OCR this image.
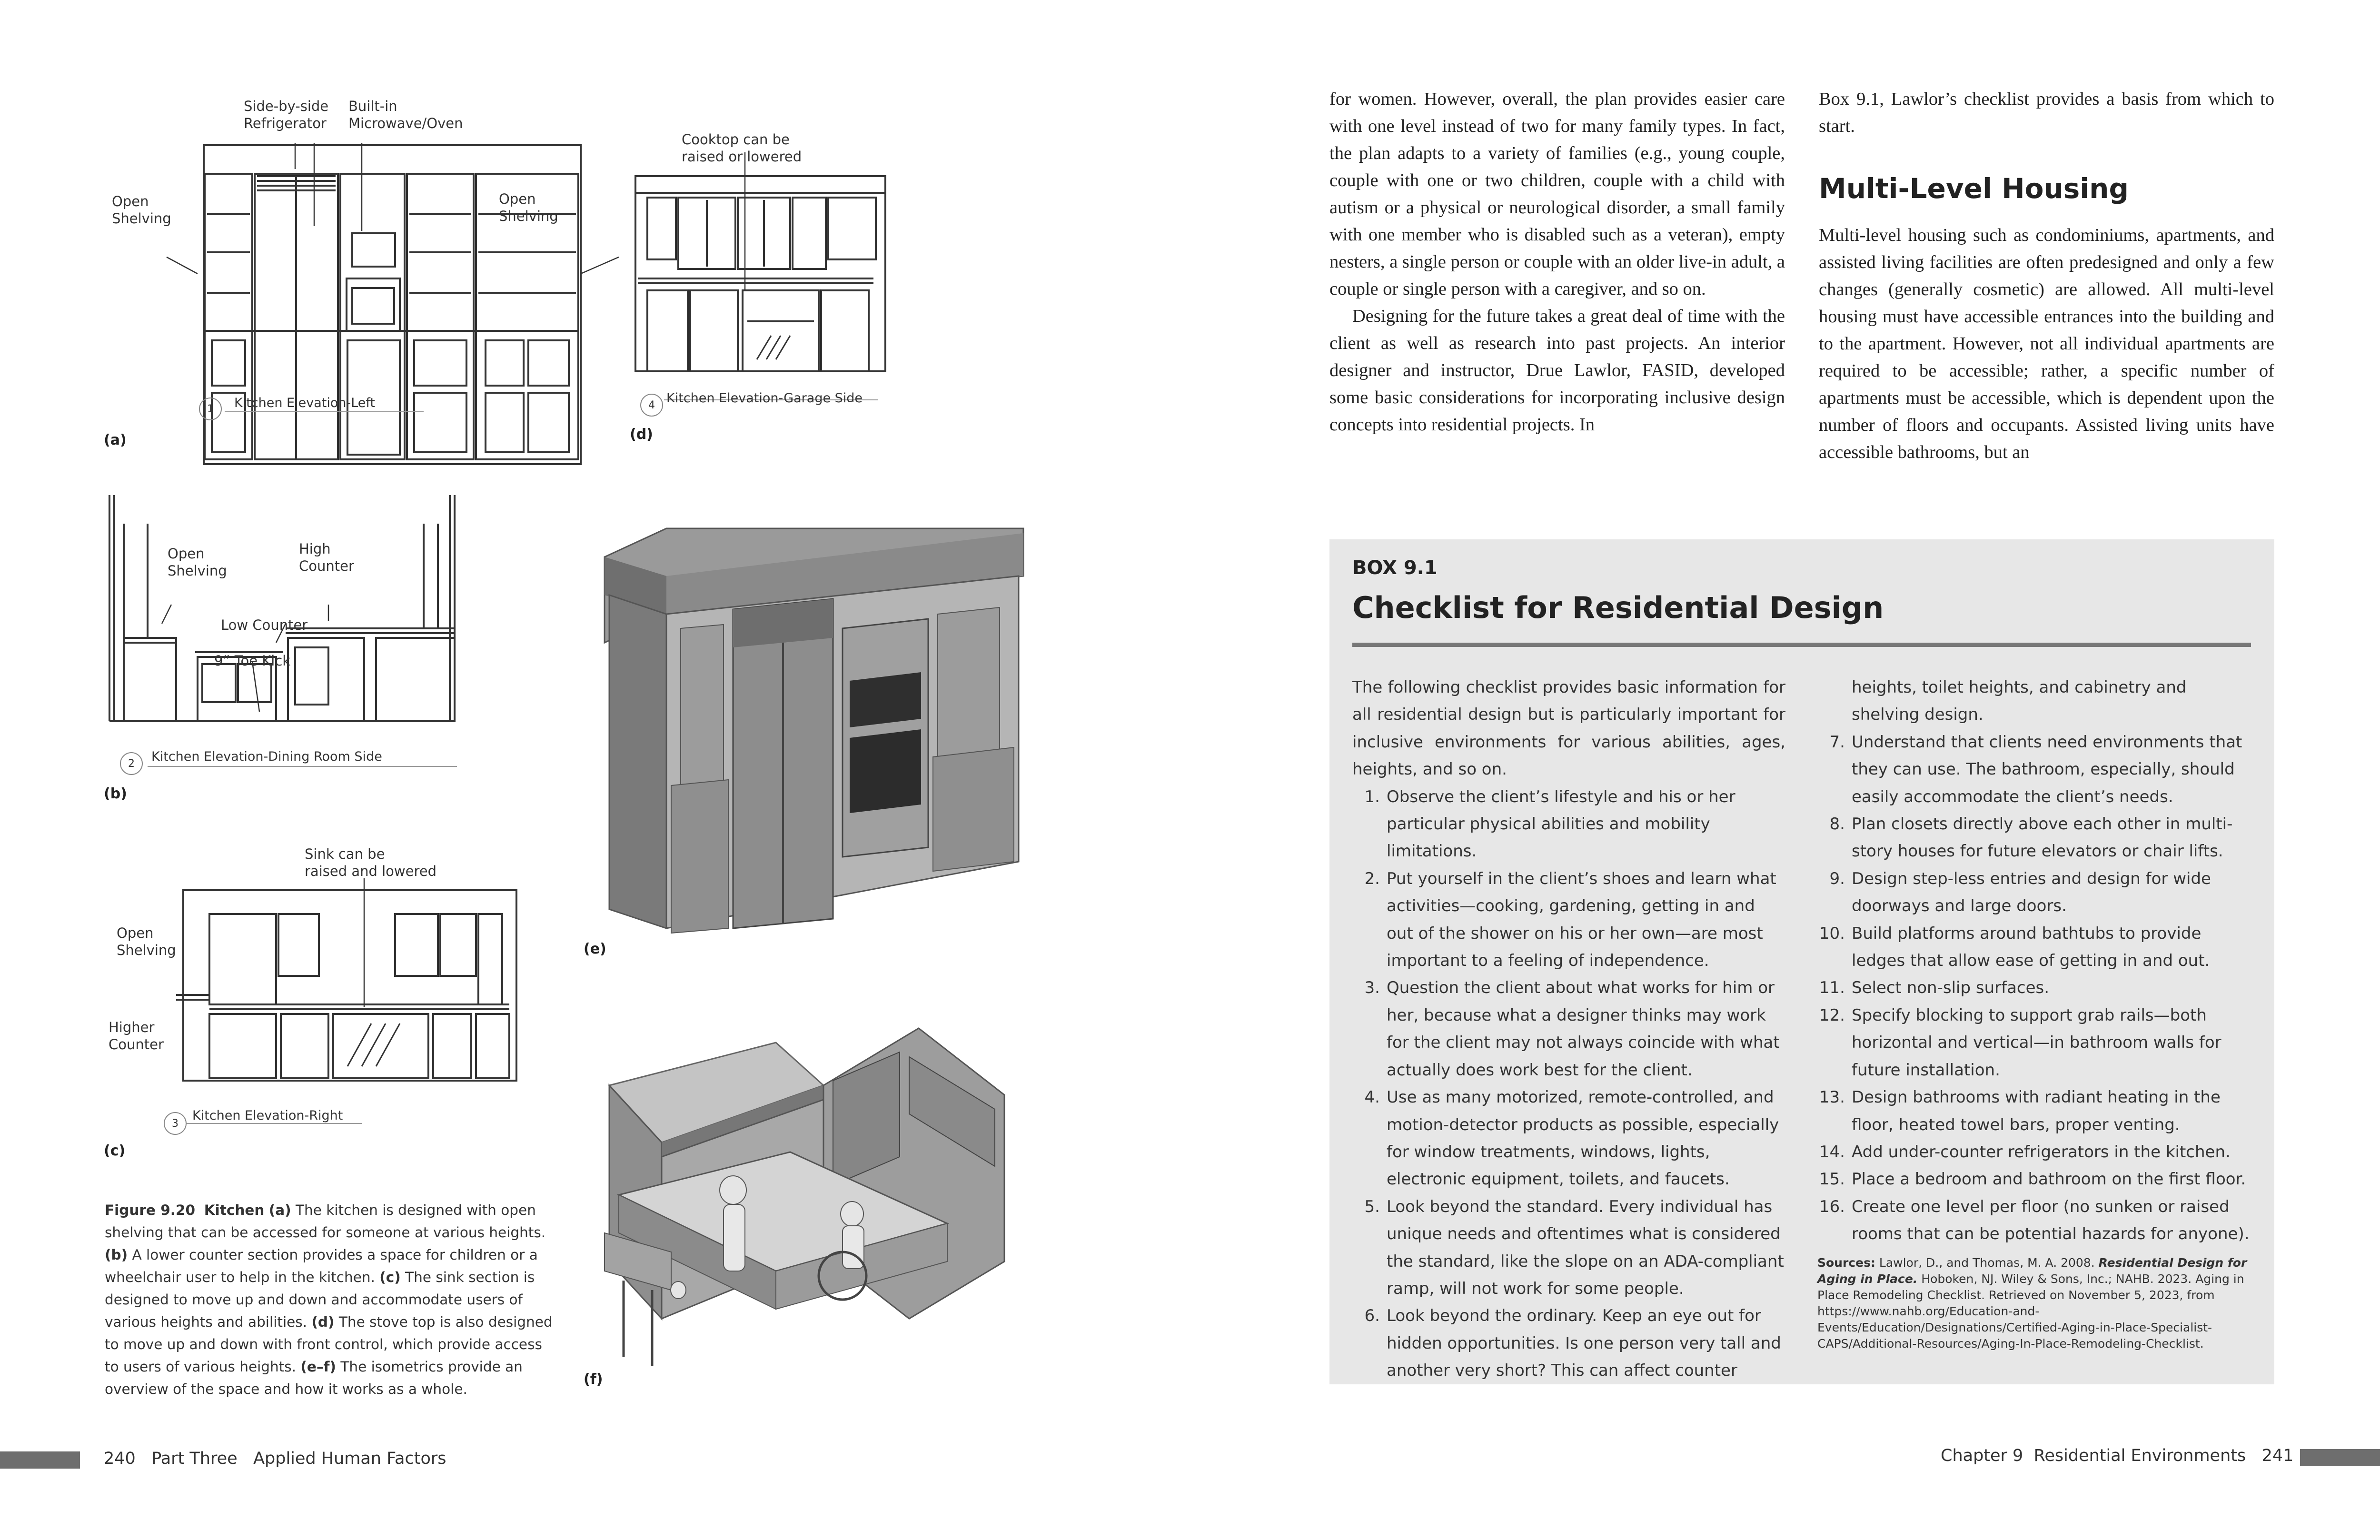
Side-by-side
Refrigerator
Built-in
Microwave/Oven
Open
Shelving
Open
Shelving
1	Kitchen Elevation-Left
(a)
Cooktop can be
raised or lowered
4 Kitchen Elevation-Garage Side
(d)
Open
Shelving
High
Counter
Low Counter
9” Toe Kick
2	Kitchen Elevation-Dining Room Side
(b)
(e)
Sink can be
raised and lowered
Open
Shelving
Higher
Counter
3
Kitchen Elevation-Right
(c)
(f)
Figure 9.20 Kitchen (a) The kitchen is designed with open shelving that can be accessed for someone at various heights. (b) A lower counter section provides a space for children or a wheelchair user to help in the kitchen. (c) The sink section is designed to move up and down and accommodate users of various heights and abilities. (d) The stove top is also designed to move up and down with front control, which provide access to users of various heights. (e–f) The isometrics provide an overview of the space and how it works as a whole.
240 Part Three Applied Human Factors

for women. However, overall, the plan provides easier care with one level instead of two for many family types. In fact, the plan adapts to a variety of families (e.g., young couple, couple with one or two children, couple with a child with autism or a physical or neurological disorder, a small family with one member who is disabled such as a veteran), empty nesters, a single person or couple with an older live-in adult, a couple or single person with a caregiver, and so on.

Designing for the future takes a great deal of time with the client as well as research into past projects. An interior designer and instructor, Drue Lawlor, FASID, developed some basic considerations for incorporating inclusive design concepts into residential projects. In

Box 9.1, Lawlor’s checklist provides a basis from which to start.

Multi-Level Housing

Multi-level housing such as condominiums, apartments, and assisted living facilities are often predesigned and only a few changes (generally cosmetic) are allowed. All multi-level housing must have accessible entrances into the building and to the apartment. However, not all individual apartments are required to be accessible; rather, a specific number of apartments must be accessible, which is dependent upon the number of floors and occupants. Assisted living units have accessible bathrooms, but an

BOX 9.1
Checklist for Residential Design
The following checklist provides basic information for all residential design but is particularly important for inclusive environments for various abilities, ages, heights, and so on.
1. Observe the client’s lifestyle and his or her particular physical abilities and mobility limitations.
2. Put yourself in the client’s shoes and learn what activities—cooking, gardening, getting in and out of the shower on his or her own—are most important to a feeling of independence.
3. Question the client about what works for him or her, because what a designer thinks may work for the client may not always coincide with what actually does work best for the client.
4. Use as many motorized, remote-controlled, and motion-detector products as possible, especially for window treatments, windows, lights, electronic equipment, toilets, and faucets.
5. Look beyond the standard. Every individual has unique needs and oftentimes what is considered the standard, like the slope on an ADA-compliant ramp, will not work for some people.
6. Look beyond the ordinary. Keep an eye out for hidden opportunities. Is one person very tall and another very short? This can affect counter
heights, toilet heights, and cabinetry and shelving design.
7. Understand that clients need environments that they can use. The bathroom, especially, should easily accommodate the client’s needs.
8. Plan closets directly above each other in multi-story houses for future elevators or chair lifts.
9. Design step-less entries and design for wide doorways and large doors.
10. Build platforms around bathtubs to provide ledges that allow ease of getting in and out.
11. Select non-slip surfaces.
12. Specify blocking to support grab rails—both horizontal and vertical—in bathroom walls for future installation.
13. Design bathrooms with radiant heating in the floor, heated towel bars, proper venting.
14. Add under-counter refrigerators in the kitchen.
15. Place a bedroom and bathroom on the first floor.
16. Create one level per floor (no sunken or raised rooms that can be potential hazards for anyone).
Sources: Lawlor, D., and Thomas, M. A. 2008. Residential Design for Aging in Place. Hoboken, NJ. Wiley & Sons, Inc.; NAHB. 2023. Aging in Place Remodeling Checklist. Retrieved on November 5, 2023, from https://www.nahb.org/Education-and-Events/Education/Designations/Certified-Aging-in-Place-Specialist-CAPS/Additional-Resources/Aging-In-Place-Remodeling-Checklist.
Chapter 9 Residential Environments 241
